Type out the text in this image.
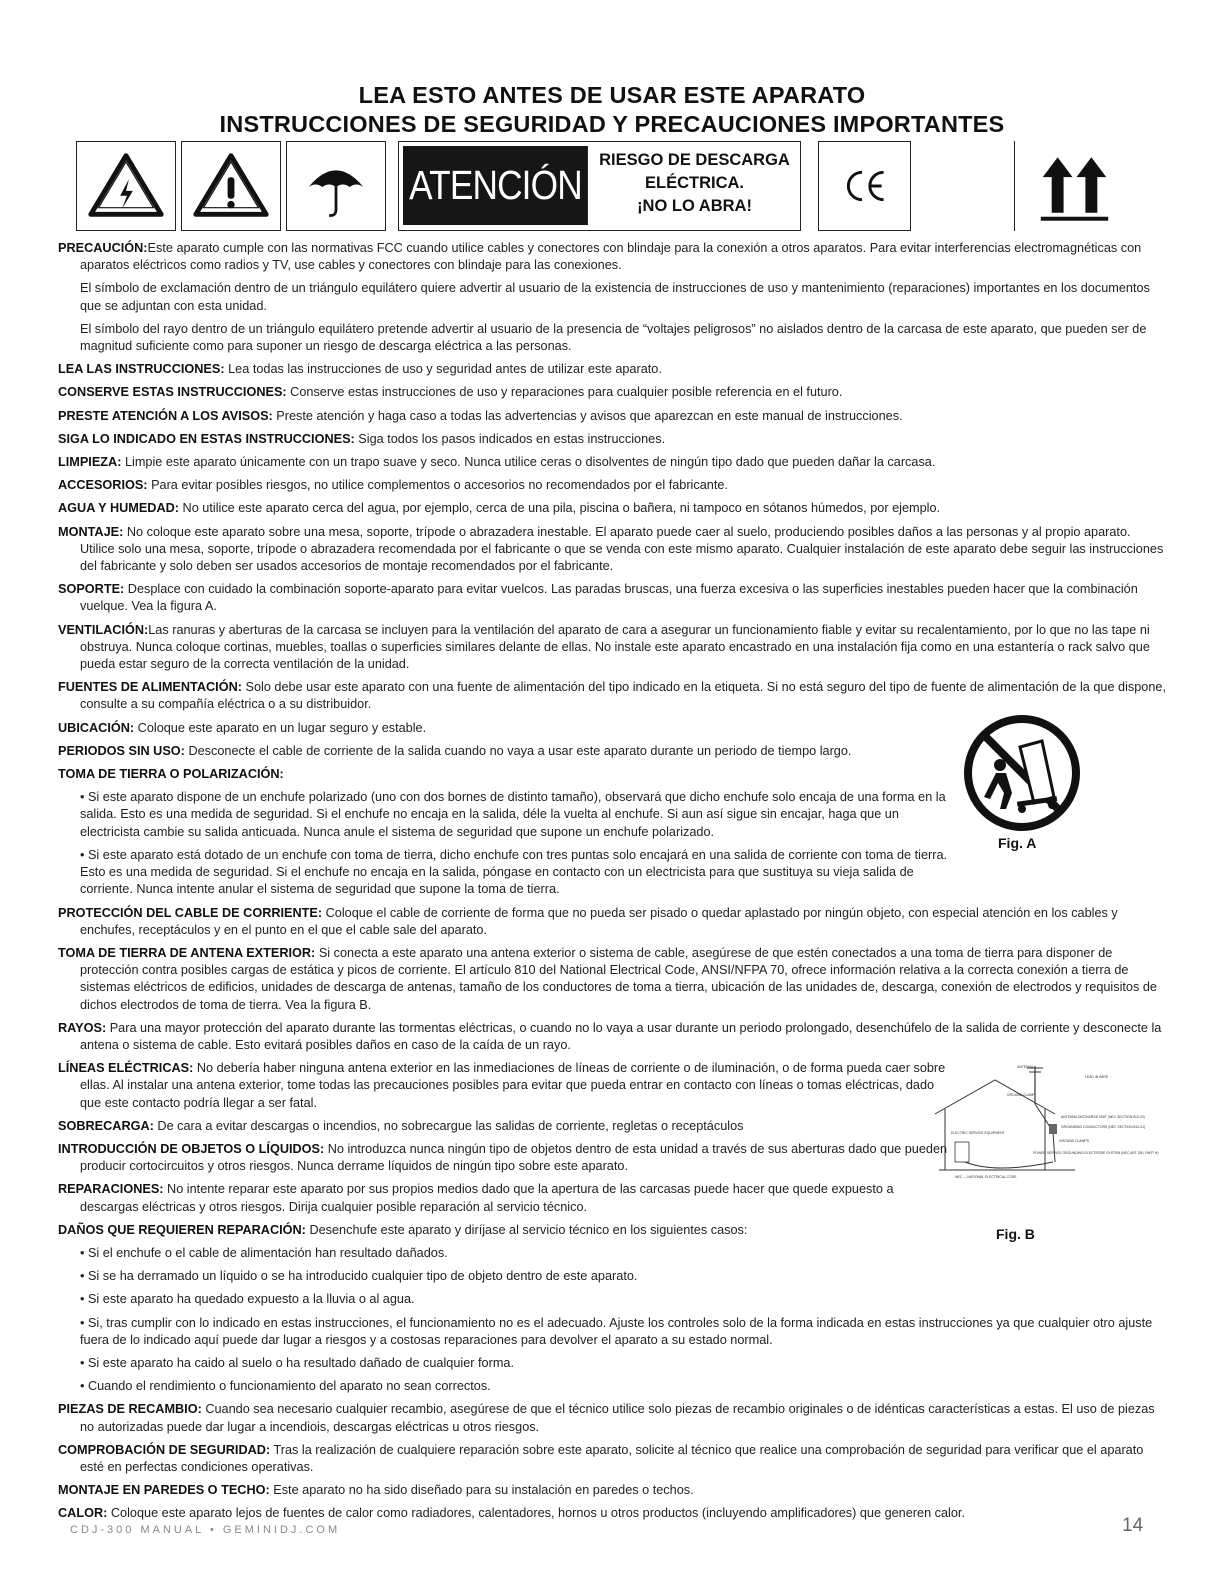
LEA ESTO ANTES DE USAR ESTE APARATO
INSTRUCCIONES DE SEGURIDAD Y PRECAUCIONES IMPORTANTES
ATENCIÓN
RIESGO DE DESCARGA
ELÉCTRICA.
¡NO LO ABRA!
PRECAUCIÓN:Este aparato cumple con las normativas FCC cuando utilice cables y conectores con blindaje para la conexión a otros aparatos. Para evitar interferencias electromagnéticas con aparatos eléctricos como radios y TV, use cables y conectores con blindaje para las conexiones.
El símbolo de exclamación dentro de un triángulo equilátero quiere advertir al usuario de la existencia de instrucciones de uso y mantenimiento (reparaciones) importantes en los documentos que se adjuntan con esta unidad.
El símbolo del rayo dentro de un triángulo equilátero pretende advertir al usuario de la presencia de “voltajes peligrosos” no aislados dentro de la carcasa de este aparato, que pueden ser de magnitud suficiente como para suponer un riesgo de descarga eléctrica a las personas.
LEA LAS INSTRUCCIONES: Lea todas las instrucciones de uso y seguridad antes de utilizar este aparato.
CONSERVE ESTAS INSTRUCCIONES: Conserve estas instrucciones de uso y reparaciones para cualquier posible referencia en el futuro.
PRESTE ATENCIÓN A LOS AVISOS: Preste atención y haga caso a todas las advertencias y avisos que aparezcan en este manual de instrucciones.
SIGA LO INDICADO EN ESTAS INSTRUCCIONES: Siga todos los pasos indicados en estas instrucciones.
LIMPIEZA: Limpie este aparato únicamente con un trapo suave y seco. Nunca utilice ceras o disolventes de ningún tipo dado que pueden dañar la carcasa.
ACCESORIOS: Para evitar posibles riesgos, no utilice complementos o accesorios no recomendados por el fabricante.
AGUA Y HUMEDAD: No utilice este aparato cerca del agua, por ejemplo, cerca de una pila, piscina o bañera, ni tampoco en sótanos húmedos, por ejemplo.
MONTAJE: No coloque este aparato sobre una mesa, soporte, trípode o abrazadera inestable. El aparato puede caer al suelo, produciendo posibles daños a las personas y al propio aparato. Utilice solo una mesa, soporte, trípode o abrazadera recomendada por el fabricante o que se venda con este mismo aparato. Cualquier instalación de este aparato debe seguir las instrucciones del fabricante y solo deben ser usados accesorios de montaje recomendados por el fabricante.
SOPORTE: Desplace con cuidado la combinación soporte-aparato para evitar vuelcos. Las paradas bruscas, una fuerza excesiva o las superficies inestables pueden hacer que la combinación vuelque. Vea la figura A.
VENTILACIÓN:Las ranuras y aberturas de la carcasa se incluyen para la ventilación del aparato de cara a asegurar un funcionamiento fiable y evitar su recalentamiento, por lo que no las tape ni obstruya. Nunca coloque cortinas, muebles, toallas o superficies similares delante de ellas. No instale este aparato encastrado en una instalación fija como en una estantería o rack salvo que pueda estar seguro de la correcta ventilación de la unidad.
FUENTES DE ALIMENTACIÓN: Solo debe usar este aparato con una fuente de alimentación del tipo indicado en la etiqueta. Si no está seguro del tipo de fuente de alimentación de la que dispone, consulte a su compañía eléctrica o a su distribuidor.
UBICACIÓN: Coloque este aparato en un lugar seguro y estable.
PERIODOS SIN USO: Desconecte el cable de corriente de la salida cuando no vaya a usar este aparato durante un periodo de tiempo largo.
TOMA DE TIERRA O POLARIZACIÓN:
• Si este aparato dispone de un enchufe polarizado (uno con dos bornes de distinto tamaño), observará que dicho enchufe solo encaja de una forma en la salida. Esto es una medida de seguridad. Si el enchufe no encaja en la salida, déle la vuelta al enchufe. Si aun así sigue sin encajar, haga que un electricista cambie su salida anticuada. Nunca anule el sistema de seguridad que supone un enchufe polarizado.
• Si este aparato está dotado de un enchufe con toma de tierra, dicho enchufe con tres puntas solo encajará en una salida de corriente con toma de tierra. Esto es una medida de seguridad. Si el enchufe no encaja en la salida, póngase en contacto con un electricista para que sustituya su vieja salida de corriente. Nunca intente anular el sistema de seguridad que supone la toma de tierra.
PROTECCIÓN DEL CABLE DE CORRIENTE: Coloque el cable de corriente de forma que no pueda ser pisado o quedar aplastado por ningún objeto, con especial atención en los cables y enchufes, receptáculos y en el punto en el que el cable sale del aparato.
TOMA DE TIERRA DE ANTENA EXTERIOR: Si conecta a este aparato una antena exterior o sistema de cable, asegúrese de que estén conectados a una toma de tierra para disponer de protección contra posibles cargas de estática y picos de corriente. El artículo 810 del National Electrical Code, ANSI/NFPA 70, ofrece información relativa a la correcta conexión a tierra de sistemas eléctricos de edificios, unidades de descarga de antenas, tamaño de los conductores de toma a tierra, ubicación de las unidades de, descarga, conexión de electrodos y requisitos de dichos electrodos de toma de tierra. Vea la figura B.
RAYOS: Para una mayor protección del aparato durante las tormentas eléctricas, o cuando no lo vaya a usar durante un periodo prolongado, desenchúfelo de la salida de corriente y desconecte la antena o sistema de cable. Esto evitará posibles daños en caso de la caída de un rayo.
LÍNEAS ELÉCTRICAS: No debería haber ninguna antena exterior en las inmediaciones de líneas de corriente o de iluminación, o de forma pueda caer sobre ellas. Al instalar una antena exterior, tome todas las precauciones posibles para evitar que pueda entrar en contacto con líneas o tomas eléctricas, dado que este contacto podría llegar a ser fatal.
SOBRECARGA: De cara a evitar descargas o incendios, no sobrecargue las salidas de corriente, regletas o receptáculos
INTRODUCCIÓN DE OBJETOS O LÍQUIDOS: No introduzca nunca ningún tipo de objetos dentro de esta unidad a través de sus aberturas dado que pueden producir cortocircuitos y otros riesgos. Nunca derrame líquidos de ningún tipo sobre este aparato.
REPARACIONES: No intente reparar este aparato por sus propios medios dado que la apertura de las carcasas puede hacer que quede expuesto a descargas eléctricas y otros riesgos. Dirija cualquier posible reparación al servicio técnico.
DAÑOS QUE REQUIEREN REPARACIÓN: Desenchufe este aparato y diríjase al servicio técnico en los siguientes casos:
• Si el enchufe o el cable de alimentación han resultado dañados.
• Si se ha derramado un líquido o se ha introducido cualquier tipo de objeto dentro de este aparato.
• Si este aparato ha quedado expuesto a la lluvia o al agua.
• Si, tras cumplir con lo indicado en estas instrucciones, el funcionamiento no es el adecuado. Ajuste los controles solo de la forma indicada en estas instrucciones ya que cualquier otro ajuste fuera de lo indicado aquí puede dar lugar a riesgos y a costosas reparaciones para devolver el aparato a su estado normal.
• Si este aparato ha caido al suelo o ha resultado dañado de cualquier forma.
• Cuando el rendimiento o funcionamiento del aparato no sean correctos.
PIEZAS DE RECAMBIO: Cuando sea necesario cualquier recambio, asegúrese de que el técnico utilice solo piezas de recambio originales o de idénticas características a estas. El uso de piezas no autorizadas puede dar lugar a incendiois, descargas eléctricas u otros riesgos.
COMPROBACIÓN DE SEGURIDAD: Tras la realización de cualquiere reparación sobre este aparato, solicite al técnico que realice una comprobación de seguridad para verificar que el aparato esté en perfectas condiciones operativas.
MONTAJE EN PAREDES O TECHO: Este aparato no ha sido diseñado para su instalación en paredes o techos.
CALOR: Coloque este aparato lejos de fuentes de calor como radiadores, calentadores, hornos u otros productos (incluyendo amplificadores) que generen calor.
Fig. A
ANTENNA
LEAD IN WIRE
GROUND CLAMP
ANTENNA DISCHARGE UNIT (NEC SECTION 810-20)
GROUNDING CONDUCTORS (NEC SECTION 810-21)
ELECTRIC SERVICE EQUIPMENT
GROUND CLAMPS
POWER SERVICE GROUNDING ELECTRODE SYSTEM (NEC ART 250, PART H)
NEC — NATIONAL ELECTRICAL CODE
Fig. B
CDJ-300 MANUAL • GEMINIDJ.COM	14
